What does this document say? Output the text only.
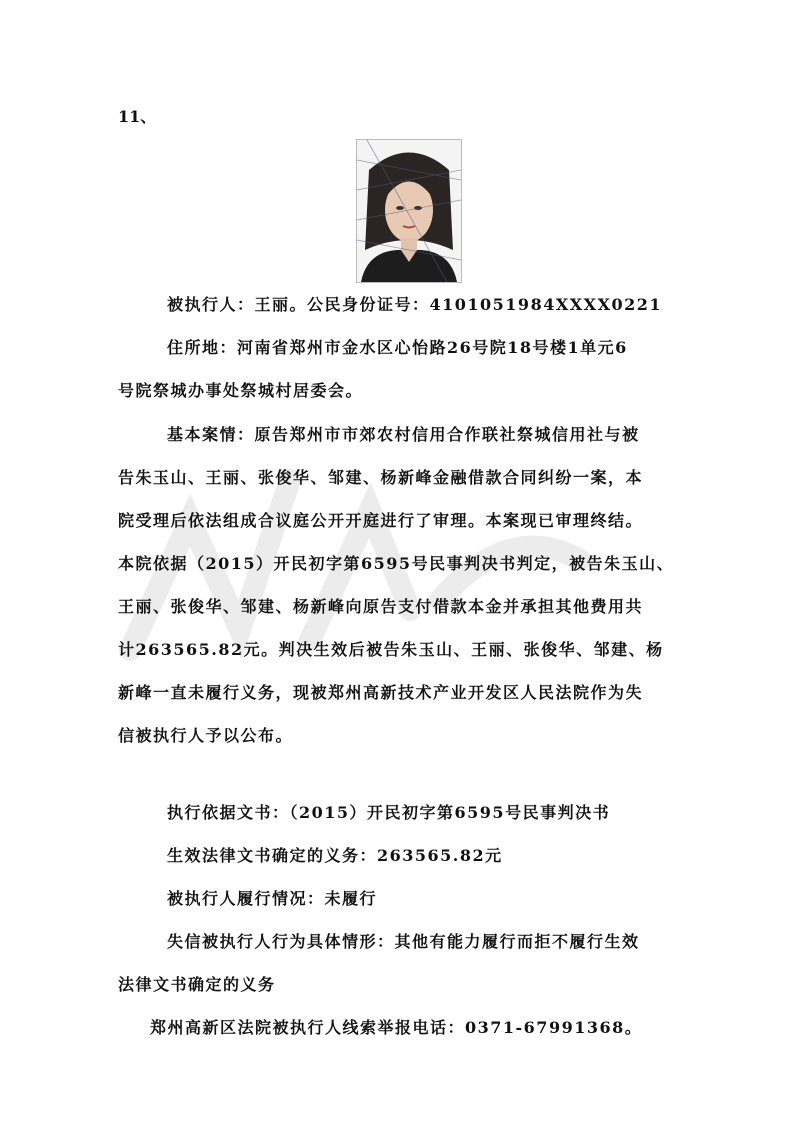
11、
被执行人：王丽。公民身份证号：4101051984XXXX0221
住所地：河南省郑州市金水区心怡路26号院18号楼1单元6
号院祭城办事处祭城村居委会。
基本案情：原告郑州市市郊农村信用合作联社祭城信用社与被
告朱玉山、王丽、张俊华、邹建、杨新峰金融借款合同纠纷一案，本
院受理后依法组成合议庭公开开庭进行了审理。本案现已审理终结。
本院依据（2015）开民初字第6595号民事判决书判定，被告朱玉山、
王丽、张俊华、邹建、杨新峰向原告支付借款本金并承担其他费用共
计263565.82元。判决生效后被告朱玉山、王丽、张俊华、邹建、杨
新峰一直未履行义务，现被郑州高新技术产业开发区人民法院作为失
信被执行人予以公布。
执行依据文书：（2015）开民初字第6595号民事判决书
生效法律文书确定的义务：263565.82元
被执行人履行情况：未履行
失信被执行人行为具体情形：其他有能力履行而拒不履行生效
法律文书确定的义务
郑州高新区法院被执行人线索举报电话：0371-67991368。
